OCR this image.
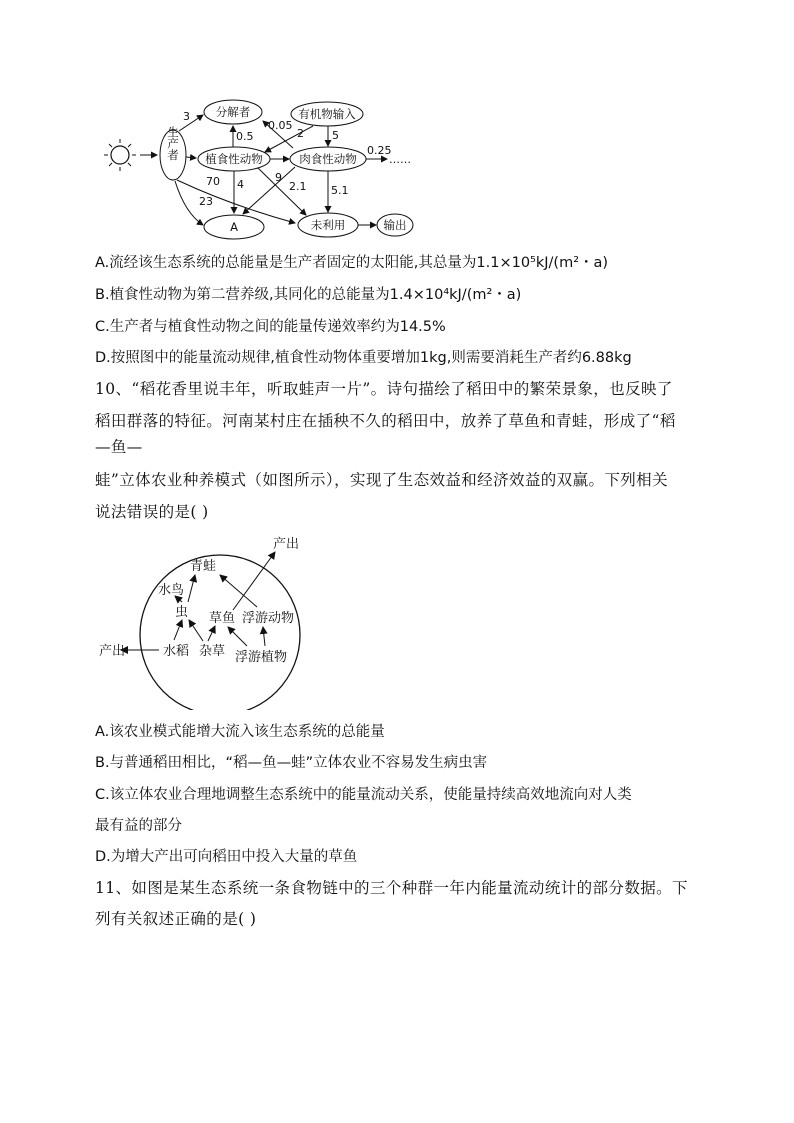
生产者
分解者	有机物输入
植食性动物	肉食性动物
A	未利用	输出
3
0.5
0.05
2	5
0.25
……
70 4
9
2.1 5.1
23
A.流经该生态系统的总能量是生产者固定的太阳能,其总量为1.1×10⁵kJ/(m²・a)
B.植食性动物为第二营养级,其同化的总能量为1.4×10⁴kJ/(m²・a)
C.生产者与植食性动物之间的能量传递效率约为14.5%
D.按照图中的能量流动规律,植食性动物体重要增加1kg,则需要消耗生产者约6.88kg
10、“稻花香里说丰年，听取蛙声一片”。诗句描绘了稻田中的繁荣景象，也反映了
稻田群落的特征。河南某村庄在插秧不久的稻田中，放养了草鱼和青蛙，形成了“稻
—鱼—
蛙”立体农业种养模式（如图所示），实现了生态效益和经济效益的双赢。下列相关
说法错误的是( )
产出
产出
青蛙
水鸟
虫 草鱼 浮游动物
水稻 杂草 浮游植物
A.该农业模式能增大流入该生态系统的总能量
B.与普通稻田相比，“稻—鱼—蛙”立体农业不容易发生病虫害
C.该立体农业合理地调整生态系统中的能量流动关系，使能量持续高效地流向对人类
最有益的部分
D.为增大产出可向稻田中投入大量的草鱼
11、如图是某生态系统一条食物链中的三个种群一年内能量流动统计的部分数据。下
列有关叙述正确的是( )
